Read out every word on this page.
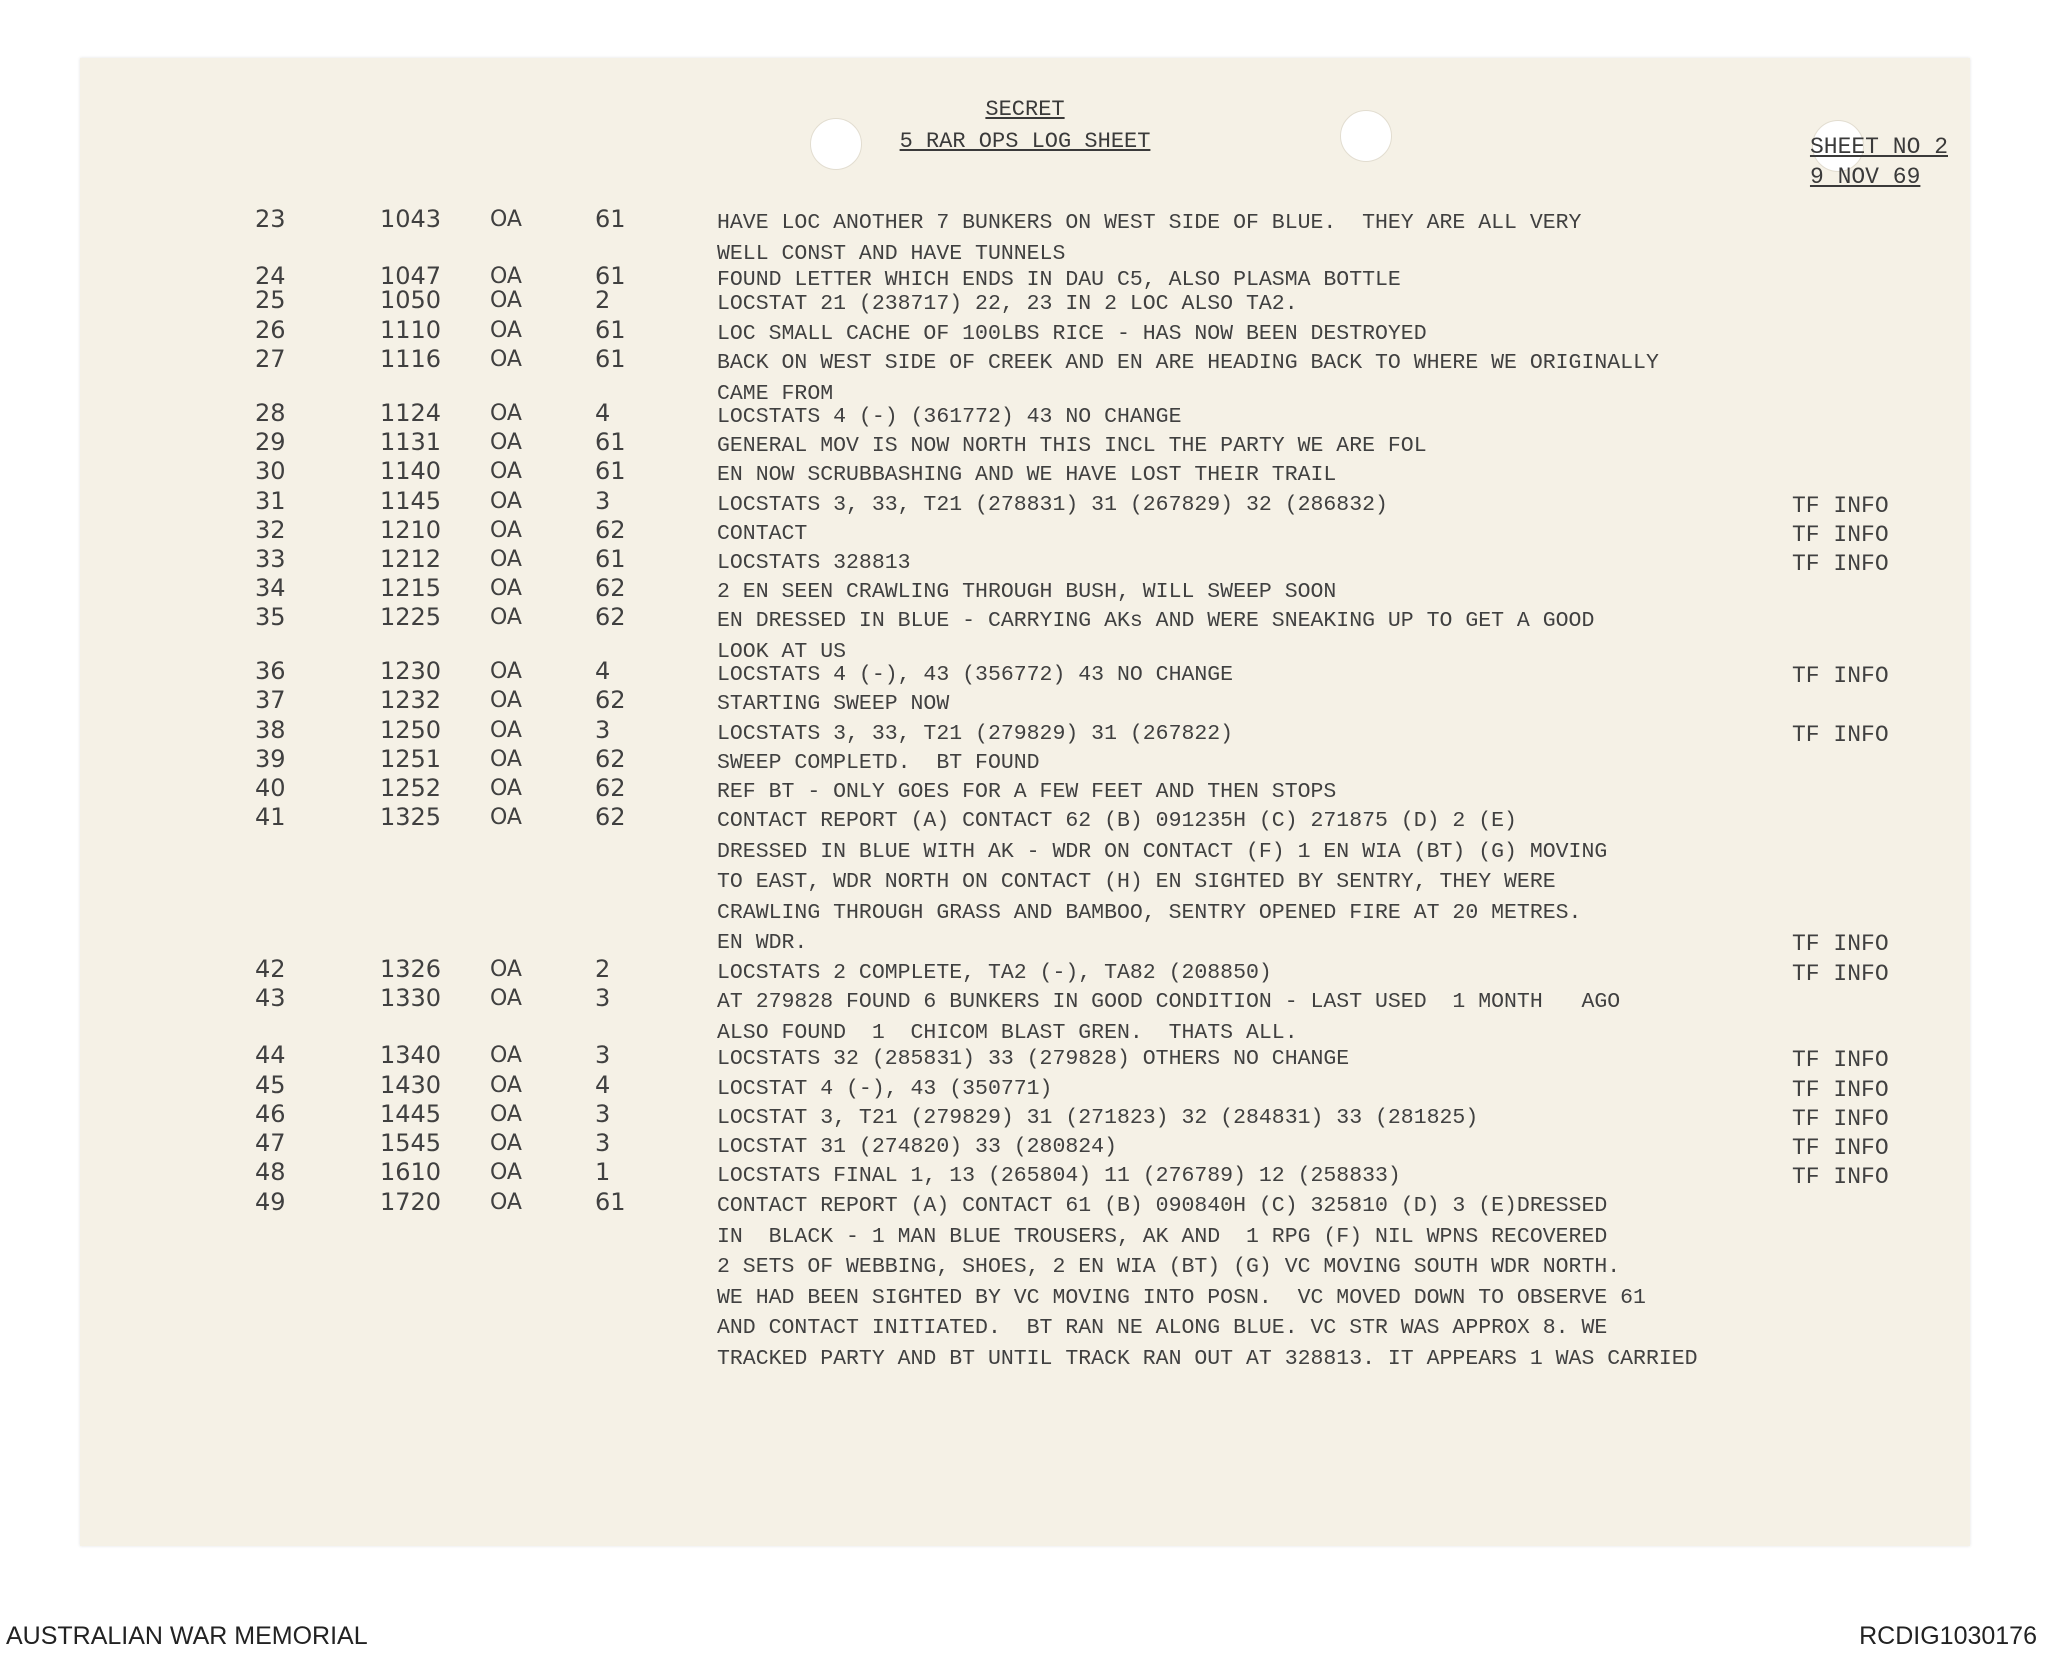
SECRET
5 RAR OPS LOG SHEET	SHEET NO 2
9 NOV 69
23	1043 OA	61	HAVE LOC ANOTHER 7 BUNKERS ON WEST SIDE OF BLUE.  THEY ARE ALL VERY
WELL CONST AND HAVE TUNNELS
24	1047 OA	61	FOUND LETTER WHICH ENDS IN DAU C5, ALSO PLASMA BOTTLE
25	1050 OA	2	LOCSTAT 21 (238717) 22, 23 IN 2 LOC ALSO TA2.
26	1110 OA	61	LOC SMALL CACHE OF 100LBS RICE - HAS NOW BEEN DESTROYED
27	1116 OA	61	BACK ON WEST SIDE OF CREEK AND EN ARE HEADING BACK TO WHERE WE ORIGINALLY
CAME FROM
28	1124 OA	4	LOCSTATS 4 (-) (361772) 43 NO CHANGE
29	1131 OA	61	GENERAL MOV IS NOW NORTH THIS INCL THE PARTY WE ARE FOL
30	1140 OA	61	EN NOW SCRUBBASHING AND WE HAVE LOST THEIR TRAIL
31	1145 OA	3	LOCSTATS 3, 33, T21 (278831) 31 (267829) 32 (286832)	TF INFO
32	1210 OA	62	CONTACT	TF INFO
33	1212 OA	61	LOCSTATS 328813	TF INFO
34	1215 OA	62	2 EN SEEN CRAWLING THROUGH BUSH, WILL SWEEP SOON
35	1225 OA	62	EN DRESSED IN BLUE - CARRYING AKs AND WERE SNEAKING UP TO GET A GOOD
LOOK AT US
36	1230 OA	4	LOCSTATS 4 (-), 43 (356772) 43 NO CHANGE	TF INFO
37	1232 OA	62	STARTING SWEEP NOW
38	1250 OA	3	LOCSTATS 3, 33, T21 (279829) 31 (267822)	TF INFO
39	1251 OA	62	SWEEP COMPLETD.  BT FOUND
40	1252 OA	62	REF BT - ONLY GOES FOR A FEW FEET AND THEN STOPS
41	1325 OA	62	CONTACT REPORT (A) CONTACT 62 (B) 091235H (C) 271875 (D) 2 (E)
DRESSED IN BLUE WITH AK - WDR ON CONTACT (F) 1 EN WIA (BT) (G) MOVING
TO EAST, WDR NORTH ON CONTACT (H) EN SIGHTED BY SENTRY, THEY WERE
CRAWLING THROUGH GRASS AND BAMBOO, SENTRY OPENED FIRE AT 20 METRES.
EN WDR.	TF INFO
42	1326 OA	2	LOCSTATS 2 COMPLETE, TA2 (-), TA82 (208850)	TF INFO
43	1330 OA	3	AT 279828 FOUND 6 BUNKERS IN GOOD CONDITION - LAST USED  1 MONTH   AGO
ALSO FOUND  1  CHICOM BLAST GREN.  THATS ALL.
44	1340 OA	3	LOCSTATS 32 (285831) 33 (279828) OTHERS NO CHANGE	TF INFO
45	1430 OA	4	LOCSTAT 4 (-), 43 (350771)	TF INFO
46	1445 OA	3	LOCSTAT 3, T21 (279829) 31 (271823) 32 (284831) 33 (281825)	TF INFO
47	1545 OA	3	LOCSTAT 31 (274820) 33 (280824)	TF INFO
48	1610 OA	1	LOCSTATS FINAL 1, 13 (265804) 11 (276789) 12 (258833)	TF INFO
49	1720 OA	61	CONTACT REPORT (A) CONTACT 61 (B) 090840H (C) 325810 (D) 3 (E)DRESSED
IN  BLACK - 1 MAN BLUE TROUSERS, AK AND  1 RPG (F) NIL WPNS RECOVERED
2 SETS OF WEBBING, SHOES, 2 EN WIA (BT) (G) VC MOVING SOUTH WDR NORTH.
WE HAD BEEN SIGHTED BY VC MOVING INTO POSN.  VC MOVED DOWN TO OBSERVE 61
AND CONTACT INITIATED.  BT RAN NE ALONG BLUE. VC STR WAS APPROX 8. WE
TRACKED PARTY AND BT UNTIL TRACK RAN OUT AT 328813. IT APPEARS 1 WAS CARRIED
AUSTRALIAN WAR MEMORIAL	RCDIG1030176
